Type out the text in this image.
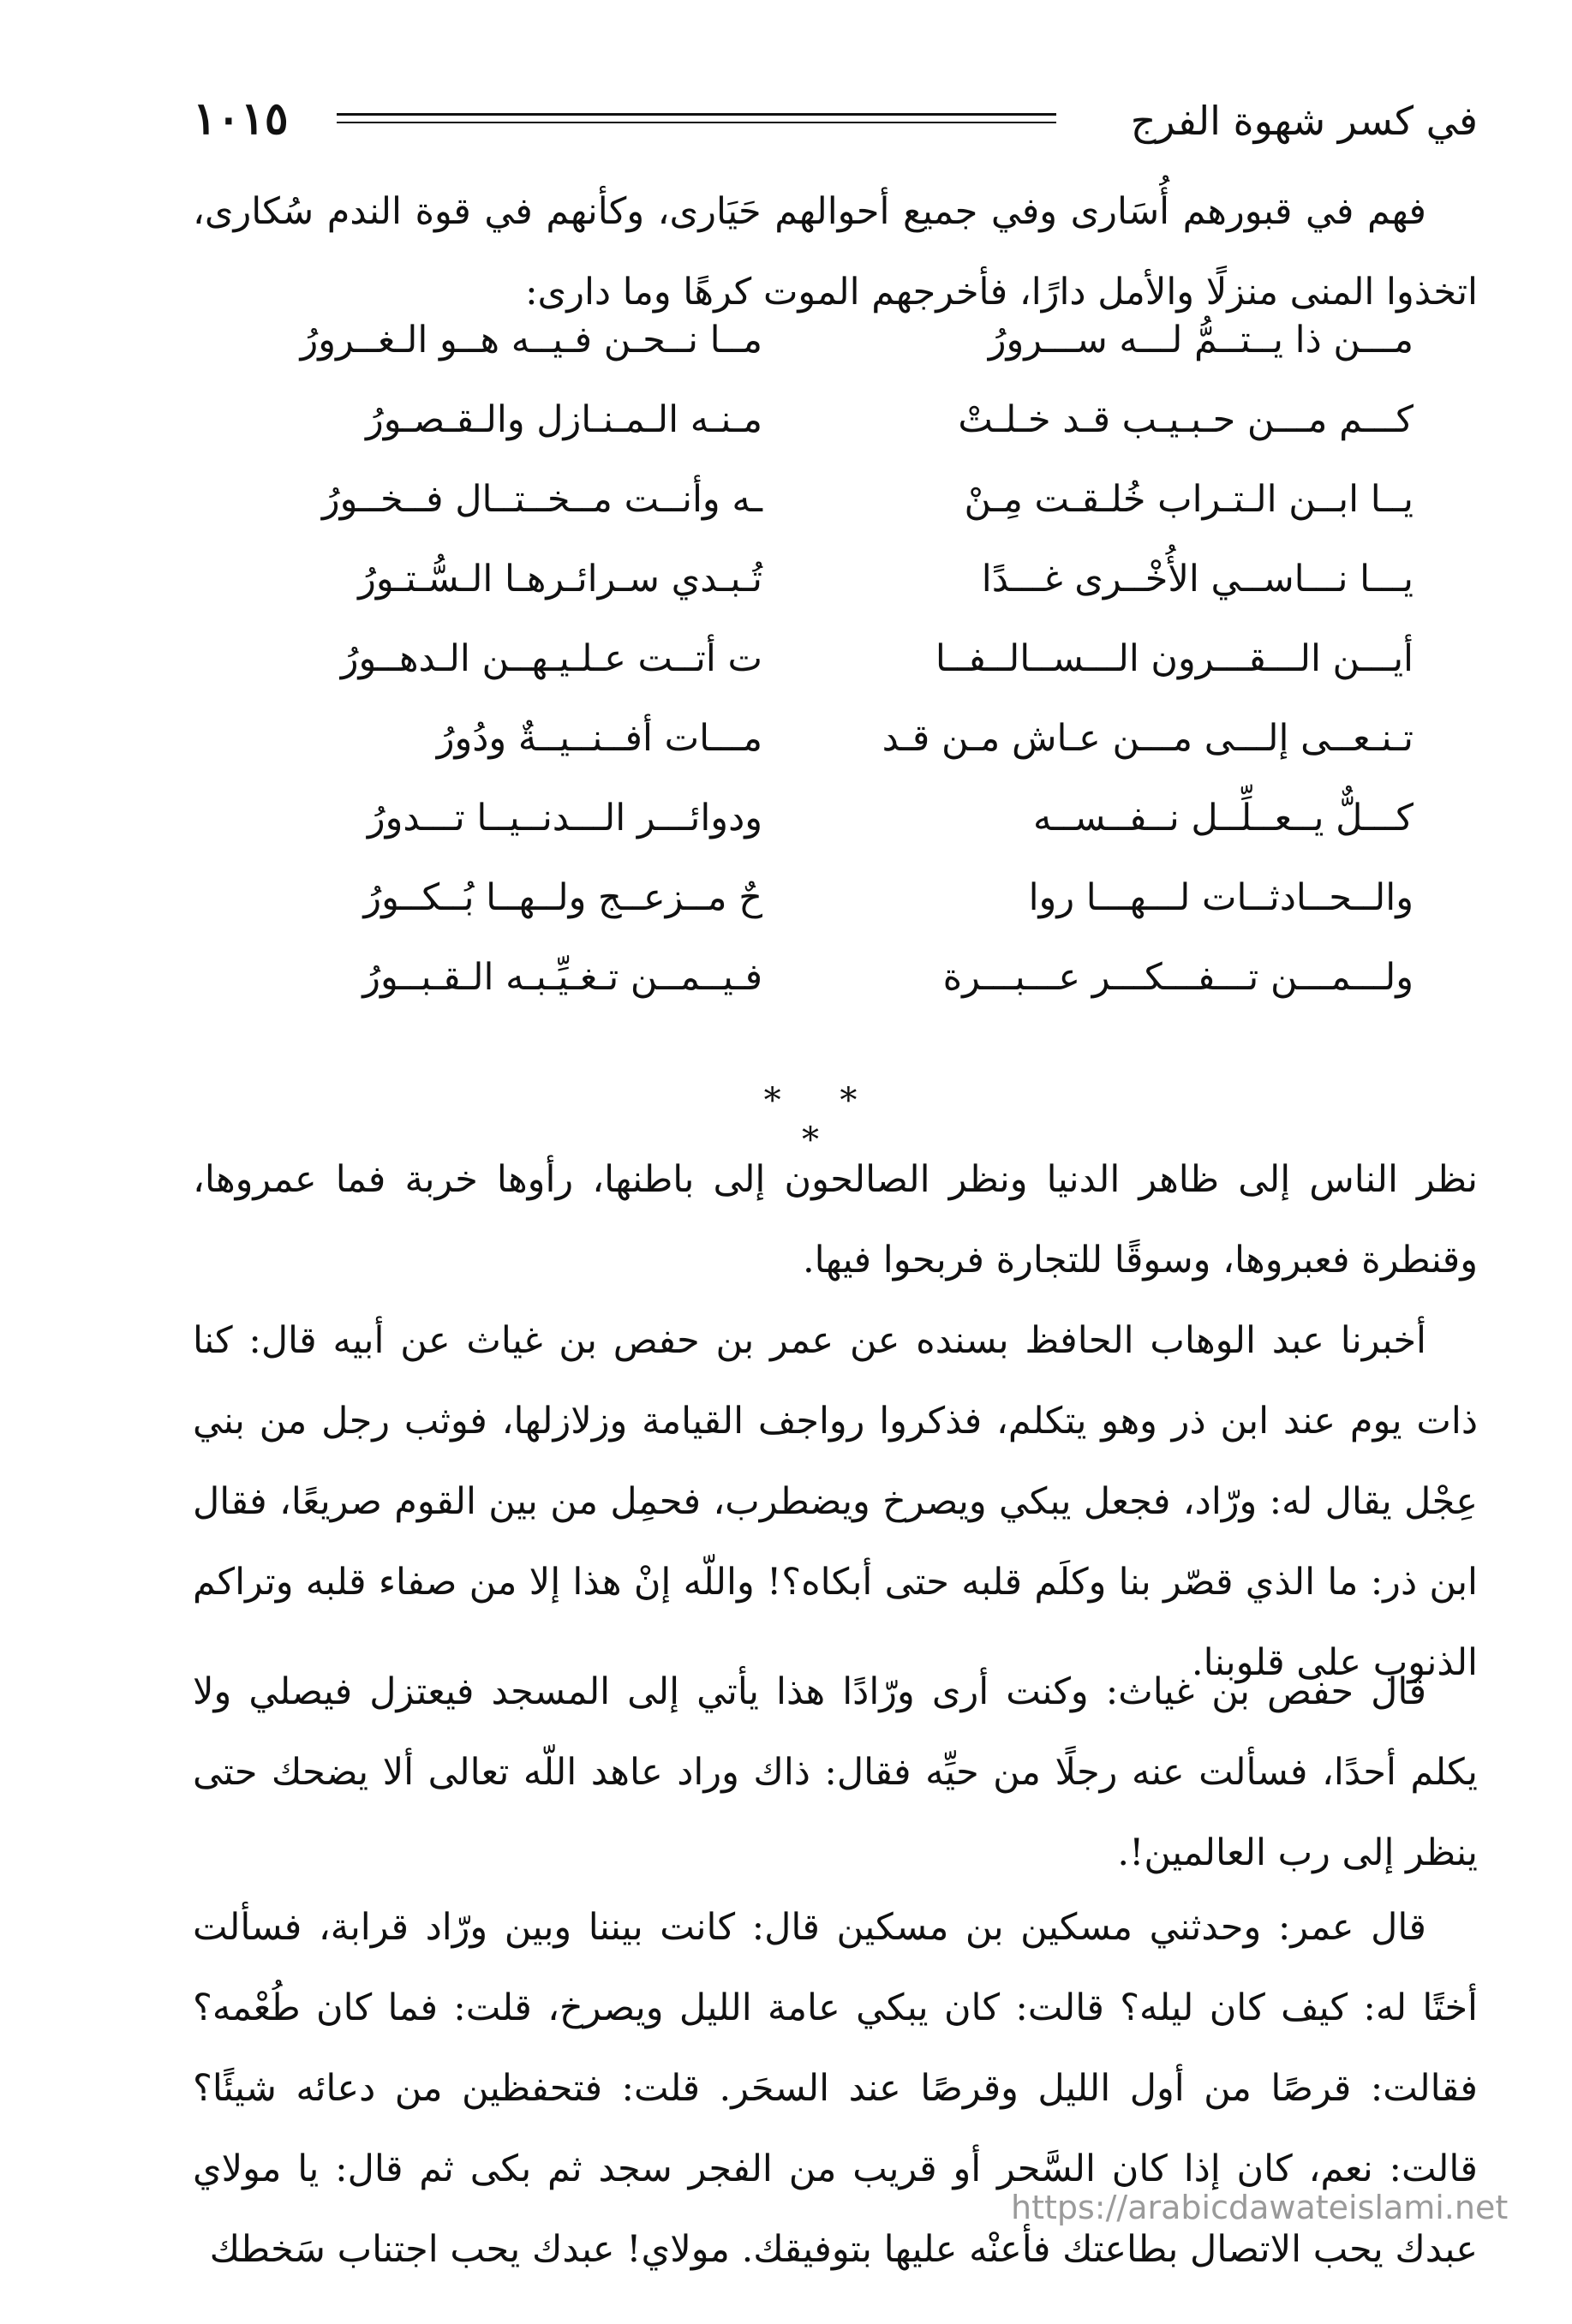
في كسر شهوة الفرج
١٠١٥

فهم في قبورهم أُسَارى وفي جميع أحوالهم حَيَارى، وكأنهم في قوة الندم سُكارى، اتخذوا المنى منزلًا والأمل دارًا، فأخرجهم الموت كرهًا وما دارى:

مـــن ذا يــتــمُّ لـــه ســـرورُ
مــا نــحـن فـيــه هــو الـغــرورُ
كـــم مـــن حـبـيـب قـد خـلـتْ
مـنـه الـمـنـازل والـقـصـورُ
يــا ابــن الـتـراب خُلـقـت مِـنْ
ـه وأنــت مــخــتــال فــخــورُ
يـــا نـــاســي الأُخْــرى غـــدًا
تُـبـدي سـرائـرهـا الـسُّـتـورُ
أيـــن الـــقـــرون الـــســالــفــا
ت أتــت عـلـيـهــن الـدهــورُ
تـنـعــى إلـــى مـــن عـاش مـن قـد
مـــات أفــنــيــةٌ ودُورُ
كـــلٌّ يــعــلِّــل نــفــســه
ودوائـــر الـــدنــيــا تـــدورُ
والــحــادثــات لـــهـــا روا
حٌ مــزعــج ولــهــا بُــكــورُ
ولـــمـــن تـــفـــكـــر عـــبـــرة
فـيــمــن تـغـيِّـبـه الـقـبــورُ
* * *

نظر الناس إلى ظاهر الدنيا ونظر الصالحون إلى باطنها، رأوها خربة فما عمروها، وقنطرة فعبروها، وسوقًا للتجارة فربحوا فيها.

أخبرنا عبد الوهاب الحافظ بسنده عن عمر بن حفص بن غياث عن أبيه قال: كنا ذات يوم عند ابن ذر وهو يتكلم، فذكروا رواجف القيامة وزلازلها، فوثب رجل من بني عِجْل يقال له: ورّاد، فجعل يبكي ويصرخ ويضطرب، فحمِل من بين القوم صريعًا، فقال ابن ذر: ما الذي قصّر بنا وكلَم قلبه حتى أبكاه؟! واللّه إنْ هذا إلا من صفاء قلبه وتراكم الذنوب على قلوبنا.

قال حفص بن غياث: وكنت أرى ورّادًا هذا يأتي إلى المسجد فيعتزل فيصلي ولا يكلم أحدًا، فسألت عنه رجلًا من حيِّه فقال: ذاك وراد عاهد اللّه تعالى ألا يضحك حتى ينظر إلى رب العالمين!.

قال عمر: وحدثني مسكين بن مسكين قال: كانت بيننا وبين ورّاد قرابة، فسألت أختًا له: كيف كان ليله؟ قالت: كان يبكي عامة الليل ويصرخ، قلت: فما كان طُعْمه؟ فقالت: قرصًا من أول الليل وقرصًا عند السحَر. قلت: فتحفظين من دعائه شيئًا؟ قالت: نعم، كان إذا كان السَّحر أو قريب من الفجر سجد ثم بكى ثم قال: يا مولاي عبدك يحب الاتصال بطاعتك فأعنْه عليها بتوفيقك. مولاي! عبدك يحب اجتناب سَخطك

https://arabicdawateislami.net
